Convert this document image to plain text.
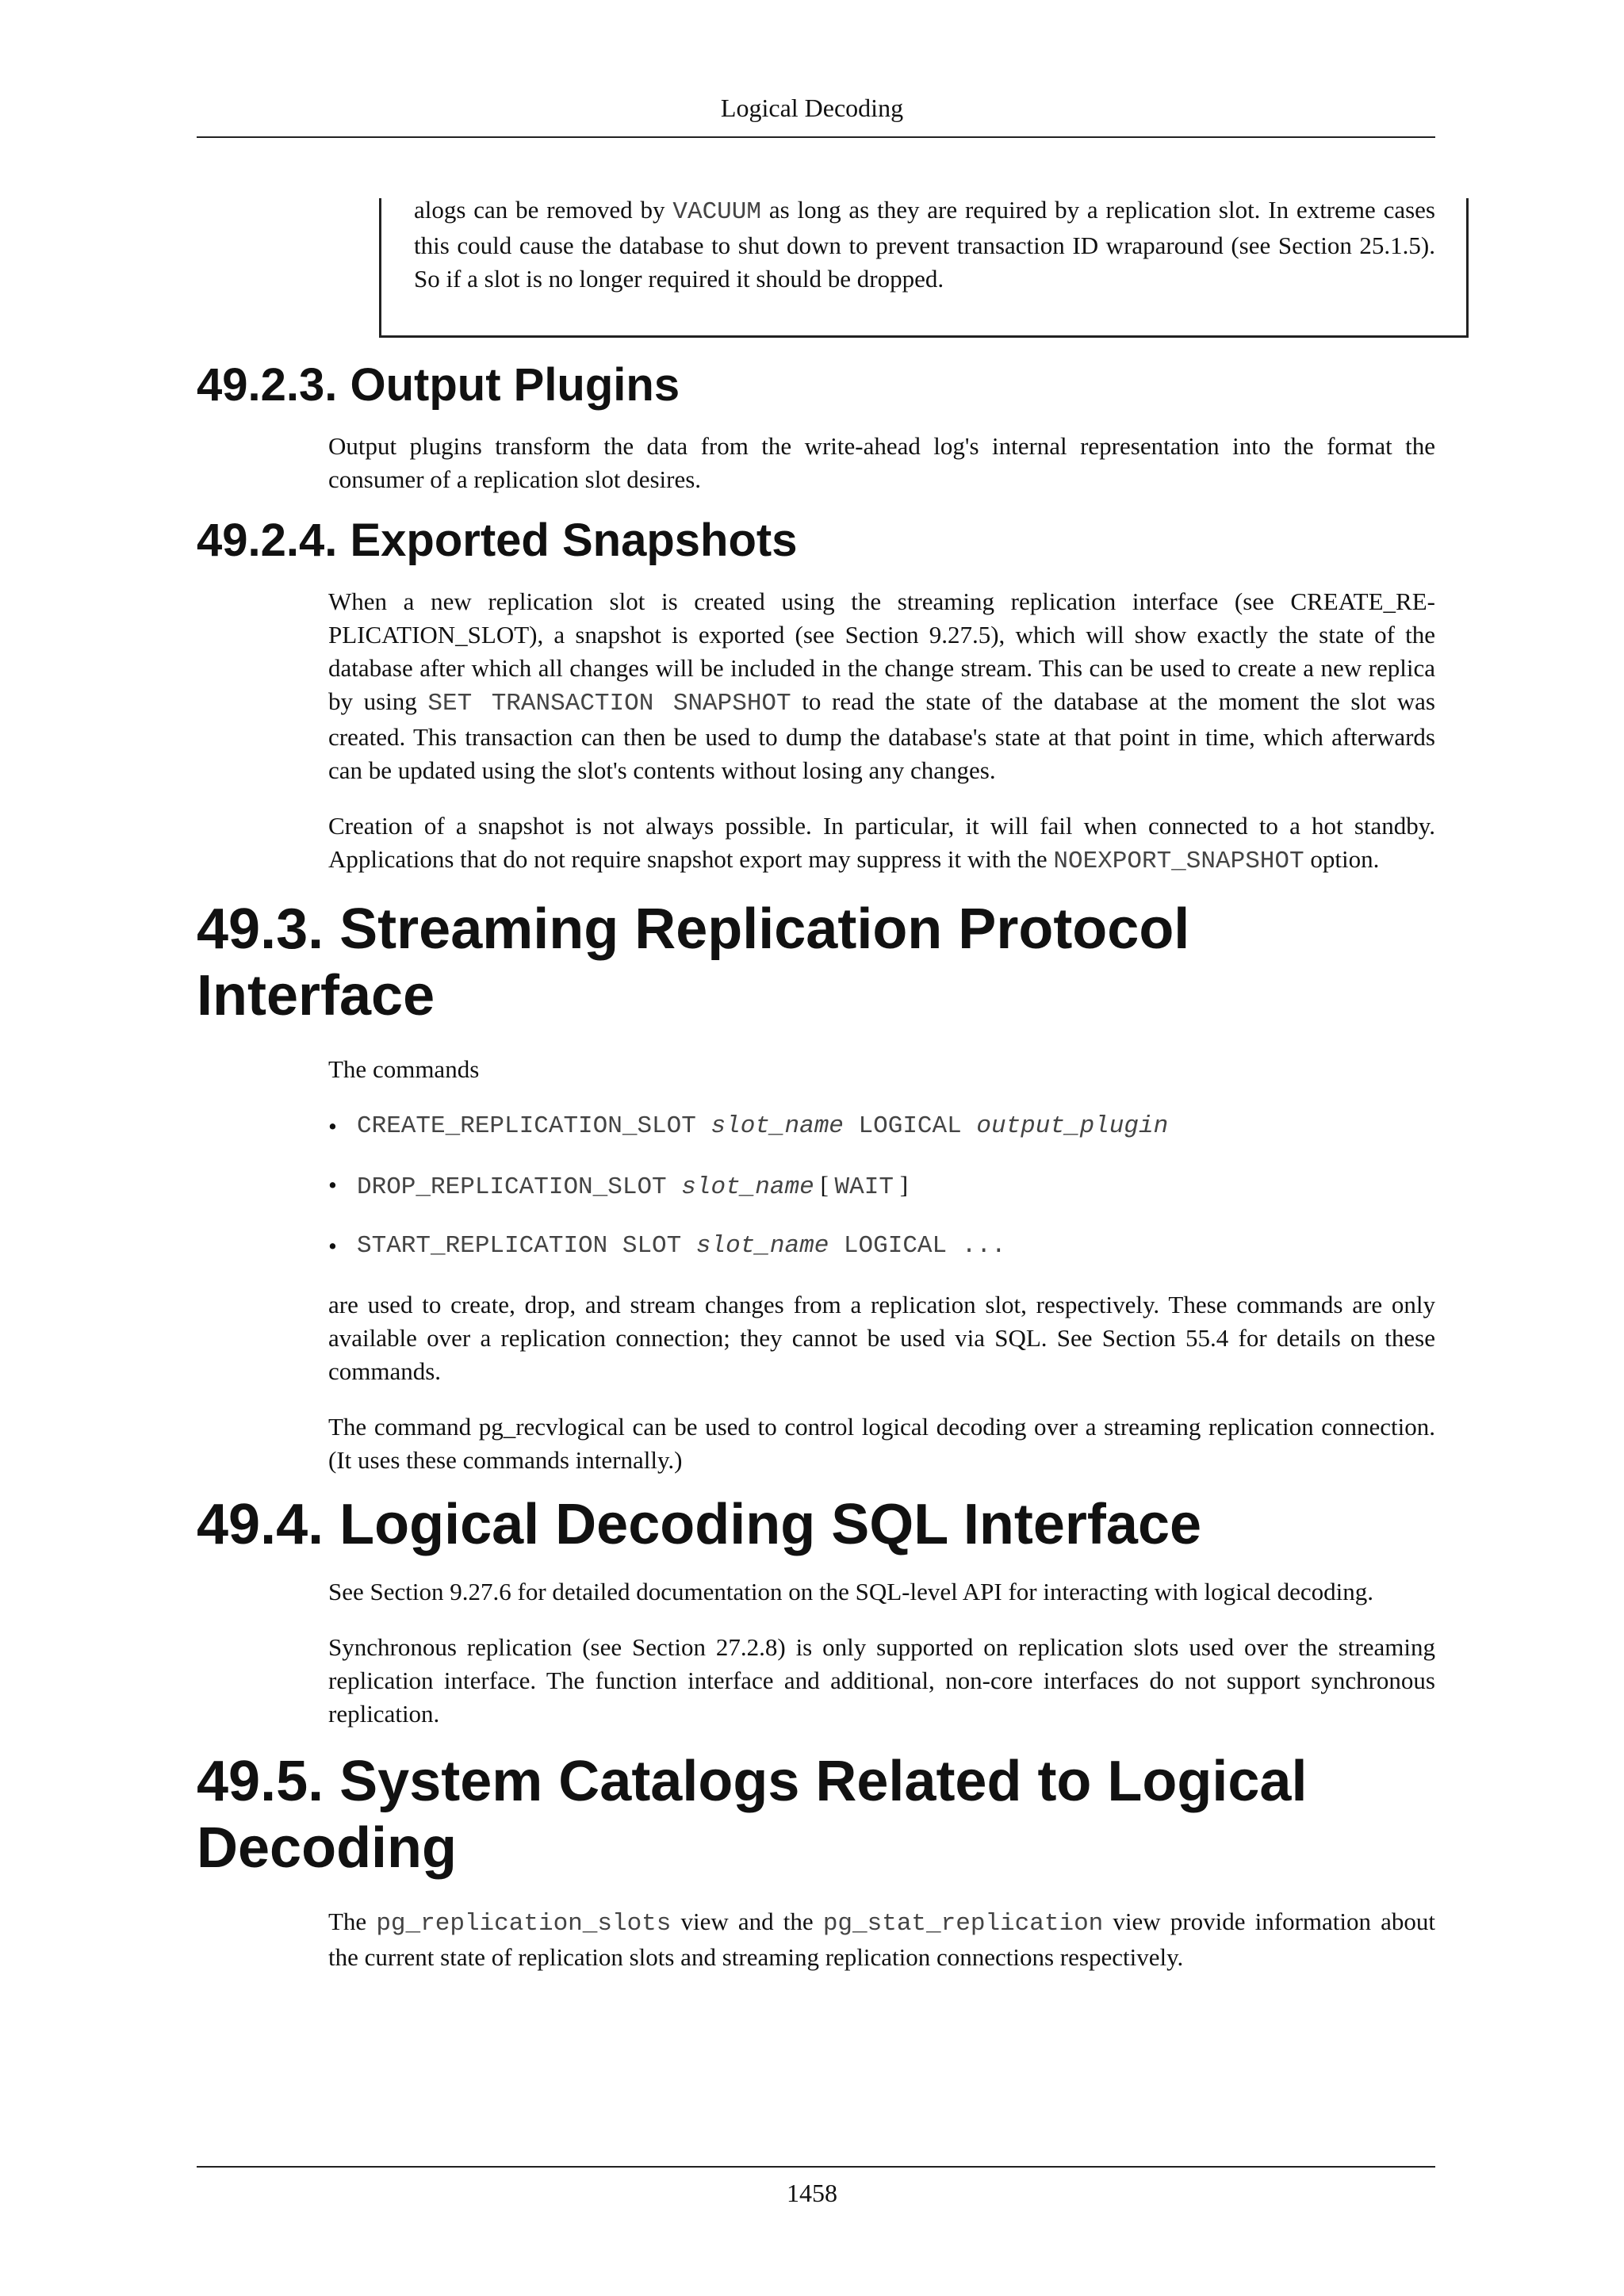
Logical Decoding

alogs can be removed by VACUUM as long as they are required by a replication slot. In extreme cases this could cause the database to shut down to prevent transaction ID wraparound (see Section 25.1.5). So if a slot is no longer required it should be dropped.

49.2.3. Output Plugins

Output plugins transform the data from the write-ahead log's internal representation into the format the consumer of a replication slot desires.

49.2.4. Exported Snapshots

When a new replication slot is created using the streaming replication interface (see CREATE_REPLICATION_SLOT), a snapshot is exported (see Section 9.27.5), which will show exactly the state of the database after which all changes will be included in the change stream. This can be used to create a new replica by using SET TRANSACTION SNAPSHOT to read the state of the database at the moment the slot was created. This transaction can then be used to dump the database's state at that point in time, which afterwards can be updated using the slot's contents without losing any changes.

Creation of a snapshot is not always possible. In particular, it will fail when connected to a hot standby. Applications that do not require snapshot export may suppress it with the NOEXPORT_SNAPSHOT option.

49.3. Streaming Replication Protocol Interface

The commands

• CREATE_REPLICATION_SLOT slot_name LOGICAL output_plugin
• DROP_REPLICATION_SLOT slot_name [ WAIT ]
• START_REPLICATION SLOT slot_name LOGICAL ...

are used to create, drop, and stream changes from a replication slot, respectively. These commands are only available over a replication connection; they cannot be used via SQL. See Section 55.4 for details on these commands.

The command pg_recvlogical can be used to control logical decoding over a streaming replication connection. (It uses these commands internally.)

49.4. Logical Decoding SQL Interface

See Section 9.27.6 for detailed documentation on the SQL-level API for interacting with logical decoding.

Synchronous replication (see Section 27.2.8) is only supported on replication slots used over the streaming replication interface. The function interface and additional, non-core interfaces do not support synchronous replication.

49.5. System Catalogs Related to Logical Decoding

The pg_replication_slots view and the pg_stat_replication view provide information about the current state of replication slots and streaming replication connections respectively.

1458
